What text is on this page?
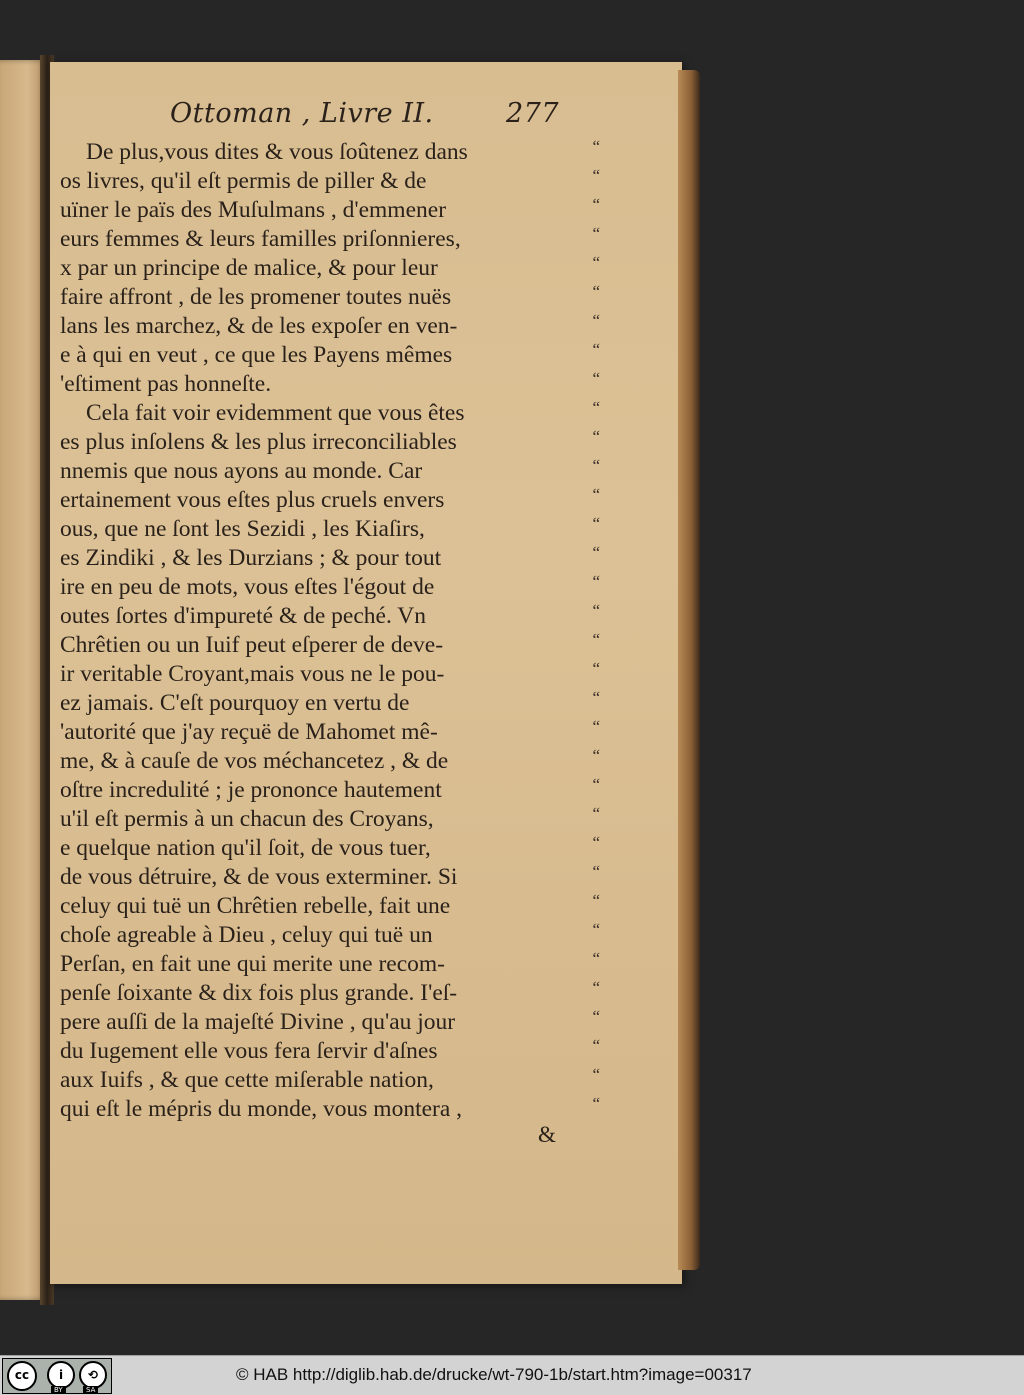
Ottoman , Livre II.	277
De plus,vous dites & vous ſoûtenez dans	“
os livres, qu'il eſt permis de piller & de	“
uïner le païs des Muſulmans , d'emmener	“
eurs femmes & leurs familles priſonnieres,	“
x par un principe de malice, & pour leur	“
faire affront , de les promener toutes nuës	“
lans les marchez, & de les expoſer en ven-	“
e à qui en veut , ce que les Payens mêmes	“
'eſtiment pas honneſte.	“
Cela fait voir evidemment que vous êtes	“
es plus inſolens & les plus irreconciliables	“
nnemis que nous ayons au monde. Car	“
ertainement vous eſtes plus cruels envers	“
ous, que ne ſont les Sezidi , les Kiaſirs,	“
es Zindiki , & les Durzians ; & pour tout	“
ire en peu de mots, vous eſtes l'égout de	“
outes ſortes d'impureté & de peché. Vn	“
Chrêtien ou un Iuif peut eſperer de deve-	“
ir veritable Croyant,mais vous ne le pou-	“
ez jamais. C'eſt pourquoy en vertu de	“
'autorité que j'ay reçuë de Mahomet mê-	“
me, & à cauſe de vos méchancetez , & de	“
oſtre incredulité ; je prononce hautement	“
u'il eſt permis à un chacun des Croyans,	“
e quelque nation qu'il ſoit, de vous tuer,	“
de vous détruire, & de vous exterminer. Si	“
celuy qui tuë un Chrêtien rebelle, fait une	“
choſe agreable à Dieu , celuy qui tuë un	“
Perſan, en fait une qui merite une recom-	“
penſe ſoixante & dix fois plus grande. I'eſ-	“
pere auſſi de la majeſté Divine , qu'au jour	“
du Iugement elle vous fera ſervir d'aſnes	“
aux Iuifs , & que cette miſerable nation,	“
qui eſt le mépris du monde, vous montera ,	“
&
cc	i	⟲
BY	SA
© HAB http://diglib.hab.de/drucke/wt-790-1b/start.htm?image=00317
